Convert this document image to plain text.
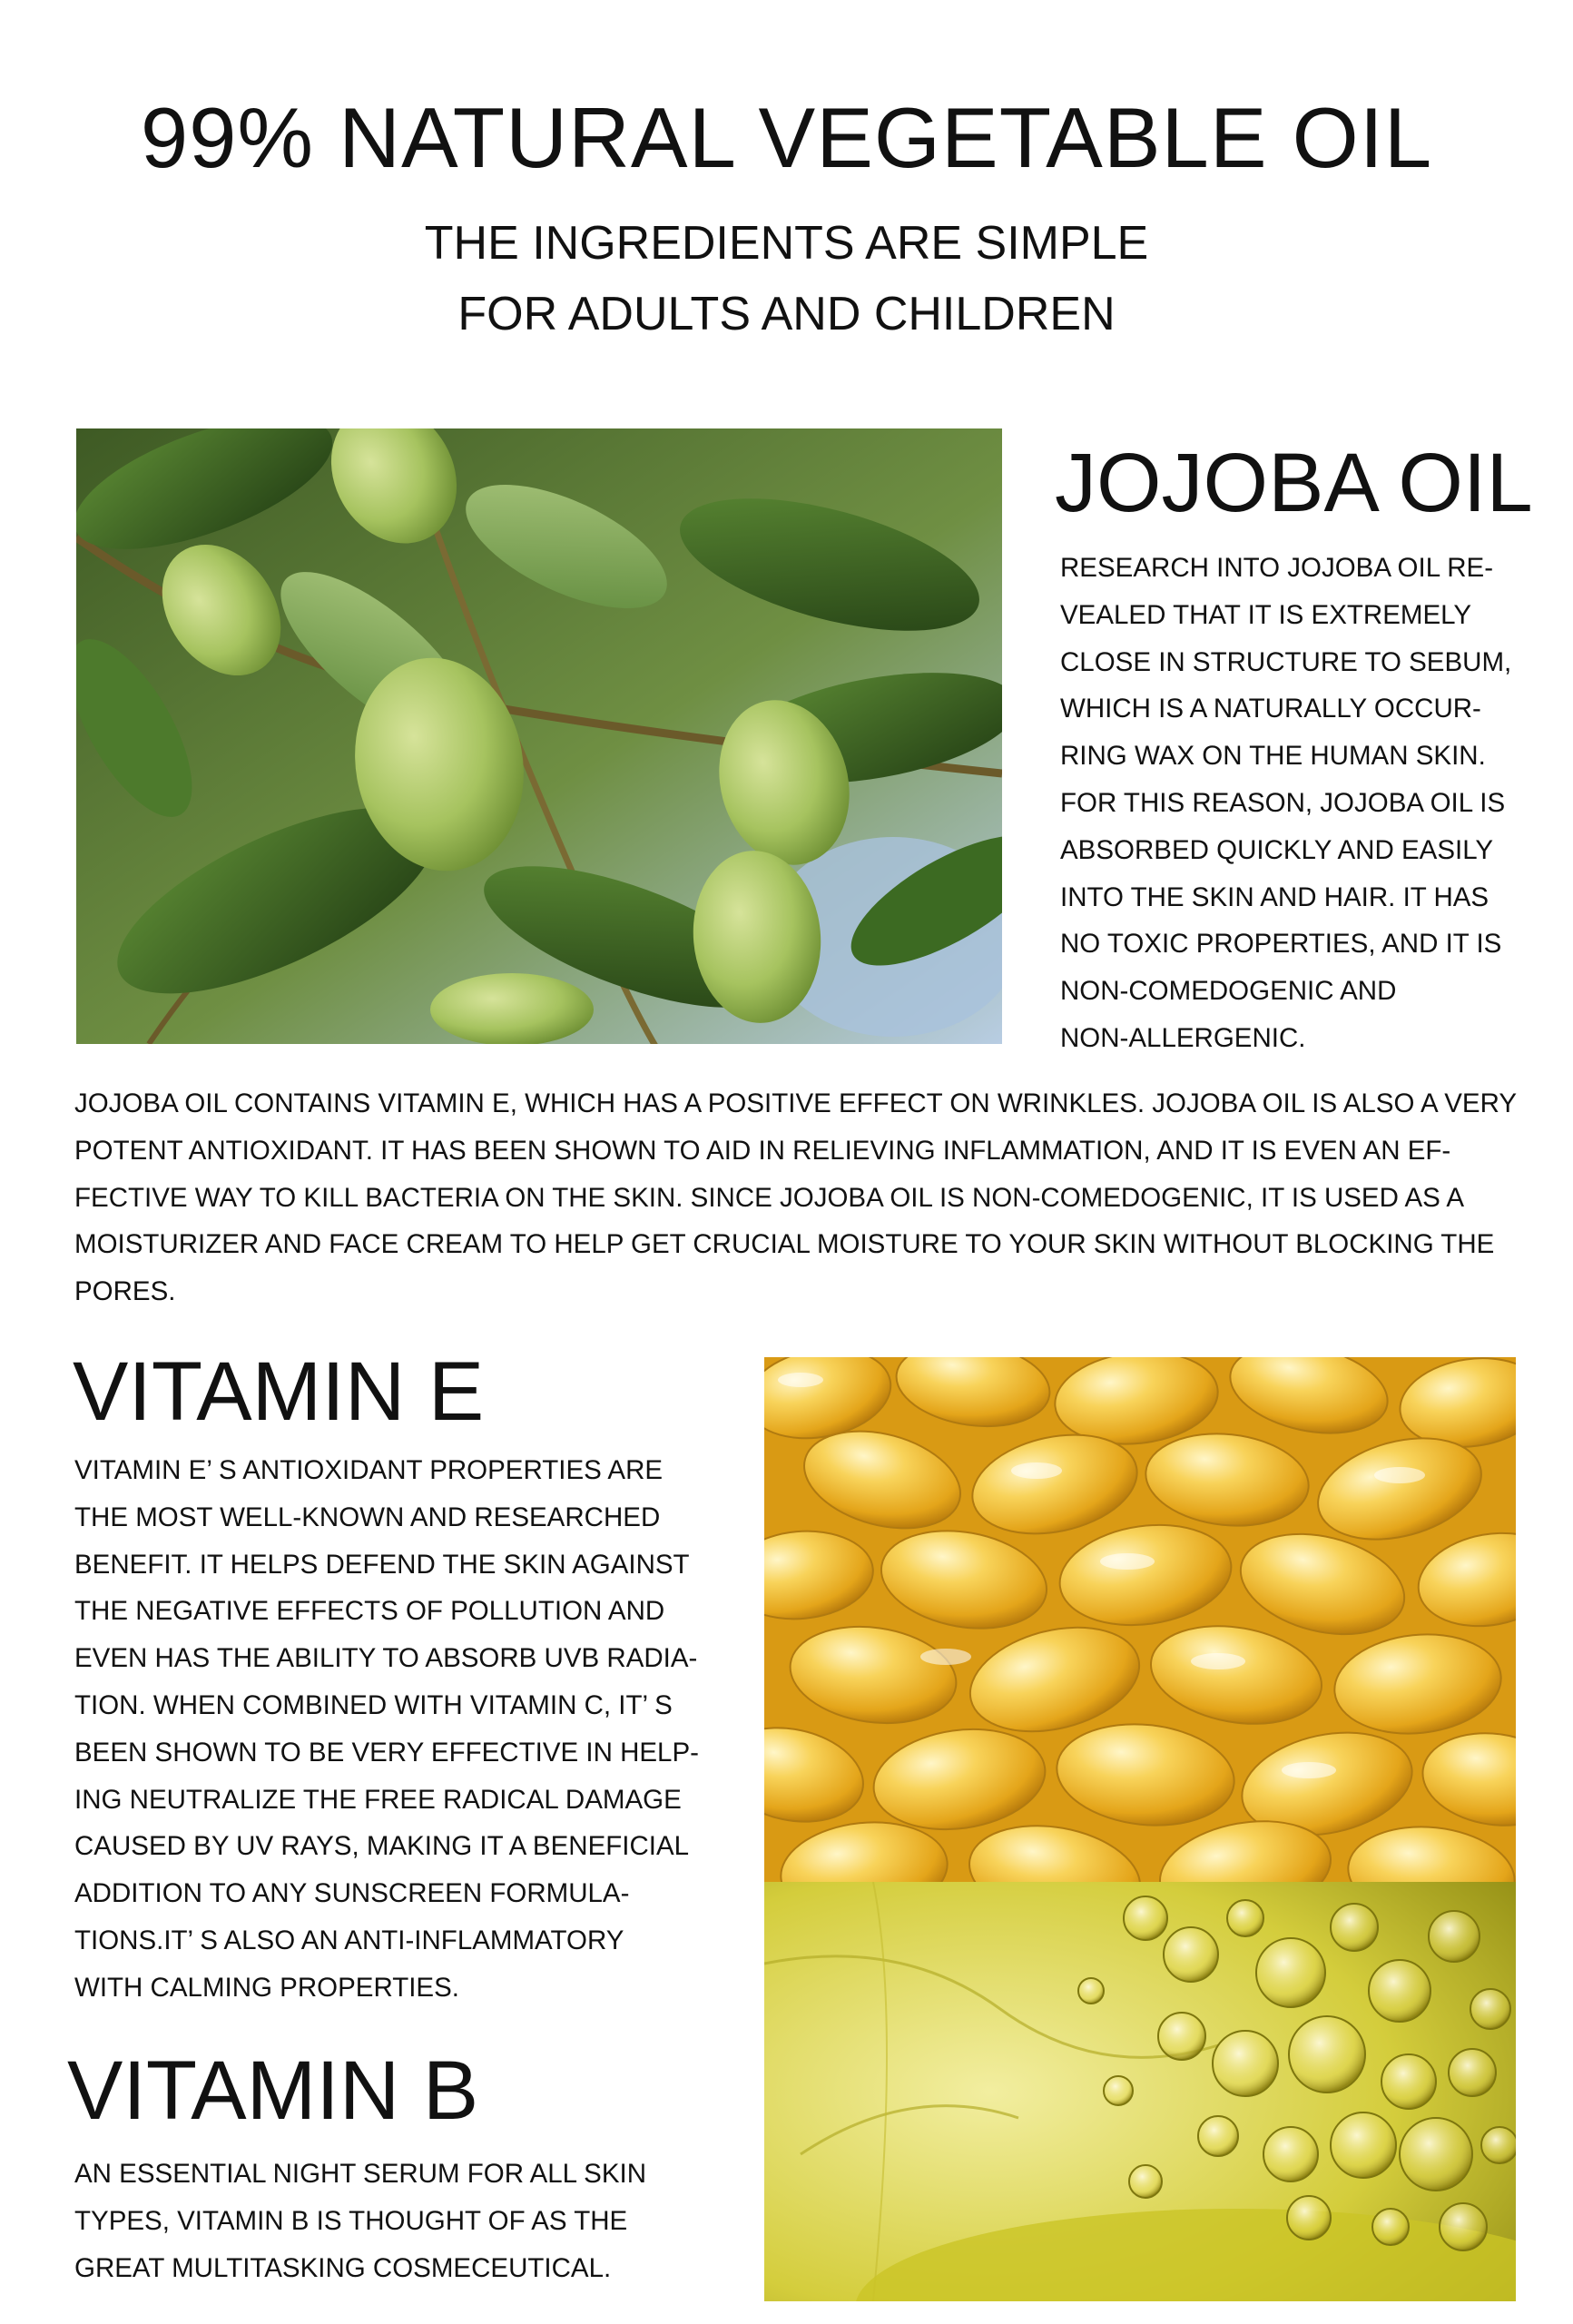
99% NATURAL VEGETABLE OIL
THE INGREDIENTS ARE SIMPLE
FOR ADULTS AND CHILDREN
JOJOBA OIL
RESEARCH INTO JOJOBA OIL RE-
VEALED THAT IT IS EXTREMELY
CLOSE IN STRUCTURE TO SEBUM,
WHICH IS A NATURALLY OCCUR-
RING WAX ON THE HUMAN SKIN.
FOR THIS REASON, JOJOBA OIL IS
ABSORBED QUICKLY AND EASILY
INTO THE SKIN AND HAIR. IT HAS
NO TOXIC PROPERTIES, AND IT IS
NON-COMEDOGENIC AND
NON-ALLERGENIC.
JOJOBA OIL CONTAINS VITAMIN E, WHICH HAS A POSITIVE EFFECT ON WRINKLES. JOJOBA OIL IS ALSO A VERY
POTENT ANTIOXIDANT. IT HAS BEEN SHOWN TO AID IN RELIEVING INFLAMMATION, AND IT IS EVEN AN EF-
FECTIVE WAY TO KILL BACTERIA ON THE SKIN. SINCE JOJOBA OIL IS NON-COMEDOGENIC, IT IS USED AS A
MOISTURIZER AND FACE CREAM TO HELP GET CRUCIAL MOISTURE TO YOUR SKIN WITHOUT BLOCKING THE
PORES.
VITAMIN E
VITAMIN E’ S ANTIOXIDANT PROPERTIES ARE
THE MOST WELL-KNOWN AND RESEARCHED
BENEFIT. IT HELPS DEFEND THE SKIN AGAINST
THE NEGATIVE EFFECTS OF POLLUTION AND
EVEN HAS THE ABILITY TO ABSORB UVB RADIA-
TION. WHEN COMBINED WITH VITAMIN C, IT’ S
BEEN SHOWN TO BE VERY EFFECTIVE IN HELP-
ING NEUTRALIZE THE FREE RADICAL DAMAGE
CAUSED BY UV RAYS, MAKING IT A BENEFICIAL
ADDITION TO ANY SUNSCREEN FORMULA-
TIONS.IT’ S ALSO AN ANTI-INFLAMMATORY
WITH CALMING PROPERTIES.
VITAMIN B
AN ESSENTIAL NIGHT SERUM FOR ALL SKIN
TYPES, VITAMIN B IS THOUGHT OF AS THE
GREAT MULTITASKING COSMECEUTICAL.
